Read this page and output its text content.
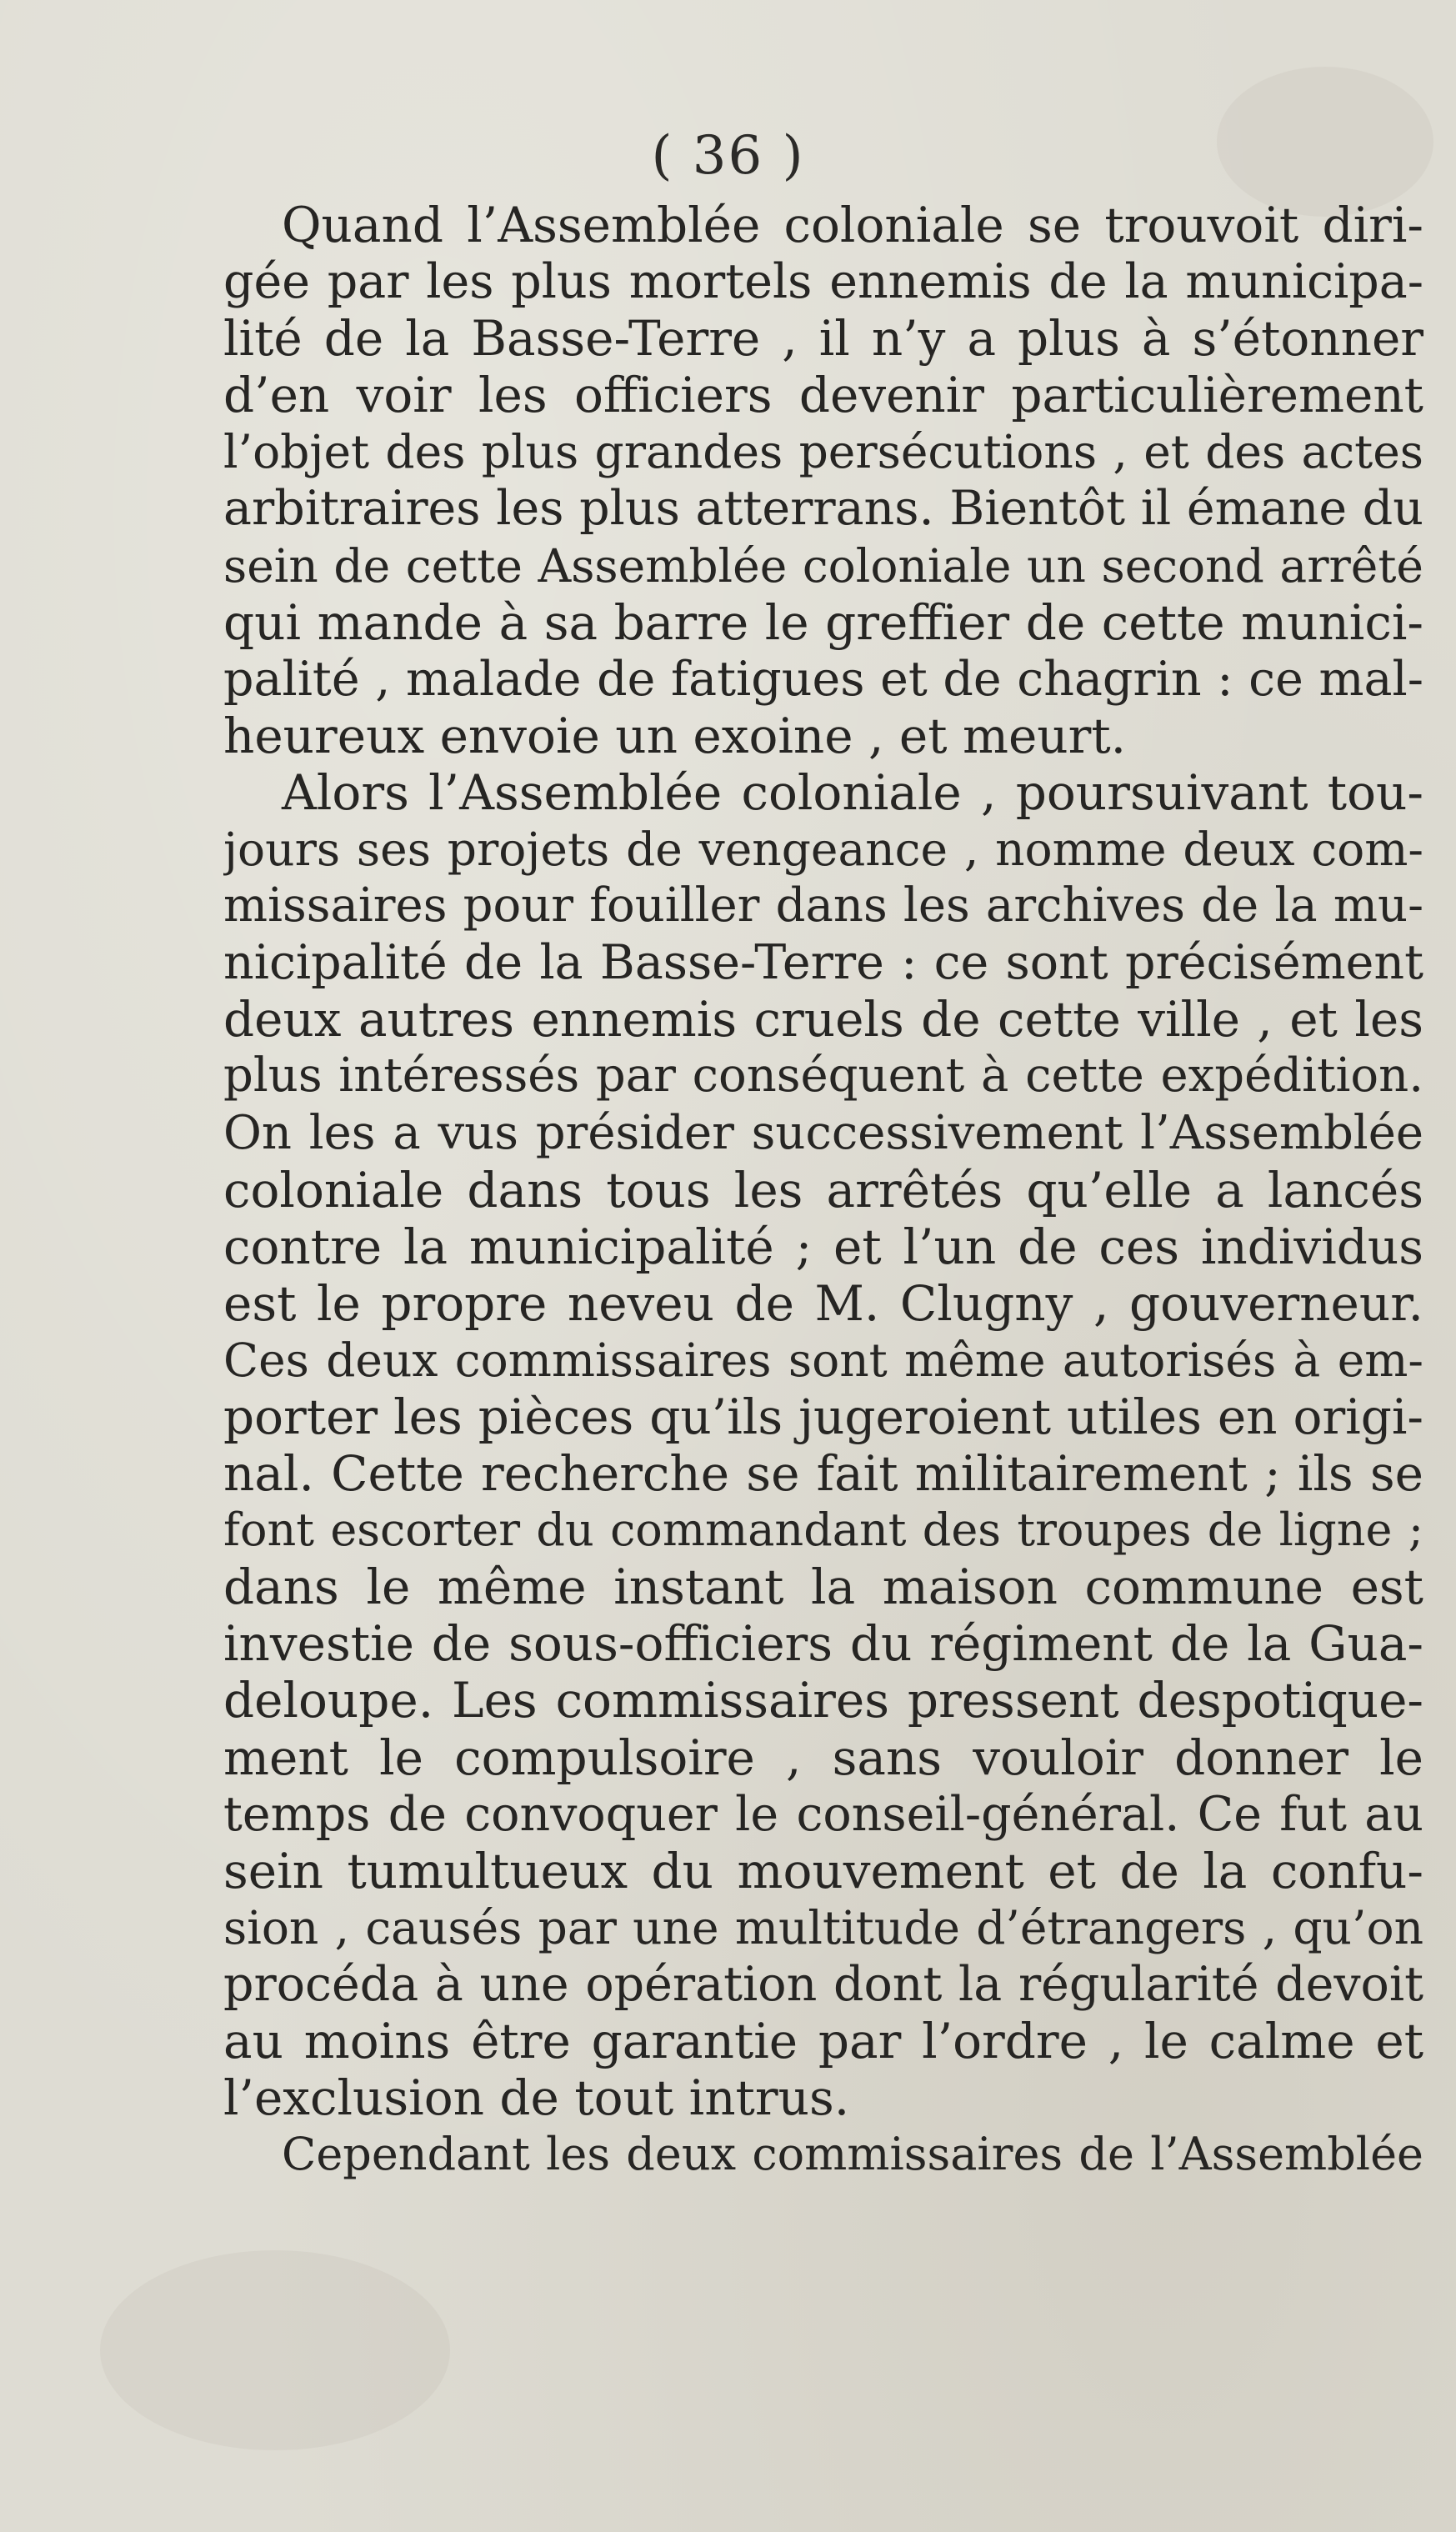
( 36 )
Quand l’Assemblée coloniale se trouvoit diri-
gée par les plus mortels ennemis de la municipa-
lité de la Basse-Terre , il n’y a plus à s’étonner
d’en voir les officiers devenir particulièrement
l’objet des plus grandes persécutions , et des actes
arbitraires les plus atterrans. Bientôt il émane du
sein de cette Assemblée coloniale un second arrêté
qui mande à sa barre le greffier de cette munici-
palité , malade de fatigues et de chagrin : ce mal-
heureux envoie un exoine , et meurt.
Alors l’Assemblée coloniale , poursuivant tou-
jours ses projets de vengeance , nomme deux com-
missaires pour fouiller dans les archives de la mu-
nicipalité de la Basse-Terre : ce sont précisément
deux autres ennemis cruels de cette ville , et les
plus intéressés par conséquent à cette expédition.
On les a vus présider successivement l’Assemblée
coloniale dans tous les arrêtés qu’elle a lancés
contre la municipalité ; et l’un de ces individus
est le propre neveu de M. Clugny , gouverneur.
Ces deux commissaires sont même autorisés à em-
porter les pièces qu’ils jugeroient utiles en origi-
nal. Cette recherche se fait militairement ; ils se
font escorter du commandant des troupes de ligne ;
dans le même instant la maison commune est
investie de sous-officiers du régiment de la Gua-
deloupe. Les commissaires pressent despotique-
ment le compulsoire , sans vouloir donner le
temps de convoquer le conseil-général. Ce fut au
sein tumultueux du mouvement et de la confu-
sion , causés par une multitude d’étrangers , qu’on
procéda à une opération dont la régularité devoit
au moins être garantie par l’ordre , le calme et
l’exclusion de tout intrus.
Cependant les deux commissaires de l’Assemblée
